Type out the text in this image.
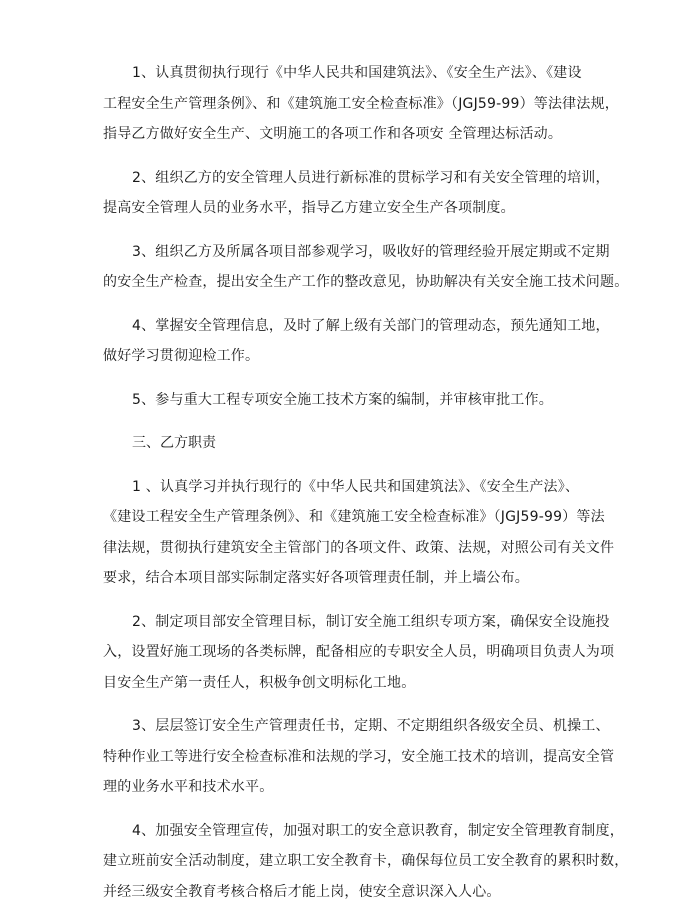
1、认真贯彻执行现行《中华人民共和国建筑法》、《安全生产法》、《建设
工程安全生产管理条例》、和《建筑施工安全检查标准》（JGJ59-99）等法律法规，
指导乙方做好安全生产、文明施工的各项工作和各项安 全管理达标活动。

2、组织乙方的安全管理人员进行新标准的贯标学习和有关安全管理的培训，
提高安全管理人员的业务水平，指导乙方建立安全生产各项制度。

3、组织乙方及所属各项目部参观学习，吸收好的管理经验开展定期或不定期
的安全生产检查，提出安全生产工作的整改意见，协助解决有关安全施工技术问题。

4、掌握安全管理信息，及时了解上级有关部门的管理动态，预先通知工地，
做好学习贯彻迎检工作。

5、参与重大工程专项安全施工技术方案的编制，并审核审批工作。

三、乙方职责

1 、认真学习并执行现行的《中华人民共和国建筑法》、《安全生产法》、
《建设工程安全生产管理条例》、和《建筑施工安全检查标准》（JGJ59-99）等法
律法规，贯彻执行建筑安全主管部门的各项文件、政策、法规，对照公司有关文件
要求，结合本项目部实际制定落实好各项管理责任制，并上墙公布。

2、制定项目部安全管理目标，制订安全施工组织专项方案，确保安全设施投
入，设置好施工现场的各类标牌，配备相应的专职安全人员，明确项目负责人为项
目安全生产第一责任人，积极争创文明标化工地。

3、层层签订安全生产管理责任书，定期、不定期组织各级安全员、机操工、
特种作业工等进行安全检查标准和法规的学习，安全施工技术的培训，提高安全管
理的业务水平和技术水平。

4、加强安全管理宣传，加强对职工的安全意识教育，制定安全管理教育制度，
建立班前安全活动制度，建立职工安全教育卡，确保每位员工安全教育的累积时数，
并经三级安全教育考核合格后才能上岗，使安全意识深入人心。
